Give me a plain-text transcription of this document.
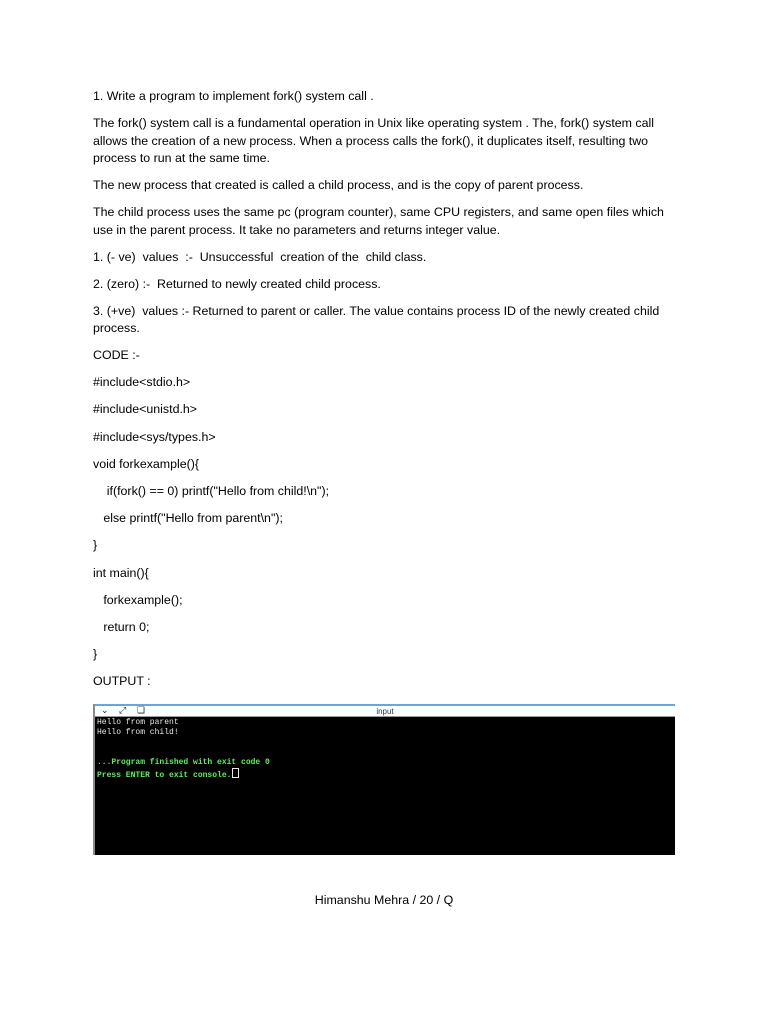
1. Write a program to implement fork() system call .

The fork() system call is a fundamental operation in Unix like operating system . The, fork() system call allows the creation of a new process. When a process calls the fork(), it duplicates itself, resulting two process to run at the same time.

The new process that created is called a child process, and is the copy of parent process.

The child process uses the same pc (program counter), same CPU registers, and same open files which use in the parent process. It take no parameters and returns integer value.

1. (- ve)  values  :-  Unsuccessful  creation of the  child class.

2. (zero) :-  Returned to newly created child process.

3. (+ve)  values :- Returned to parent or caller. The value contains process ID of the newly created child process.

CODE :-

#include<stdio.h>

#include<unistd.h>

#include<sys/types.h>

void forkexample(){

if(fork() == 0) printf("Hello from child!\n");

else printf("Hello from parent\n");

}

int main(){

forkexample();

return 0;

}

OUTPUT :

⌄ ⤢ ❏	input
Hello from parent
Hello from child!
...Program finished with exit code 0
Press ENTER to exit console.
Himanshu Mehra / 20 / Q
